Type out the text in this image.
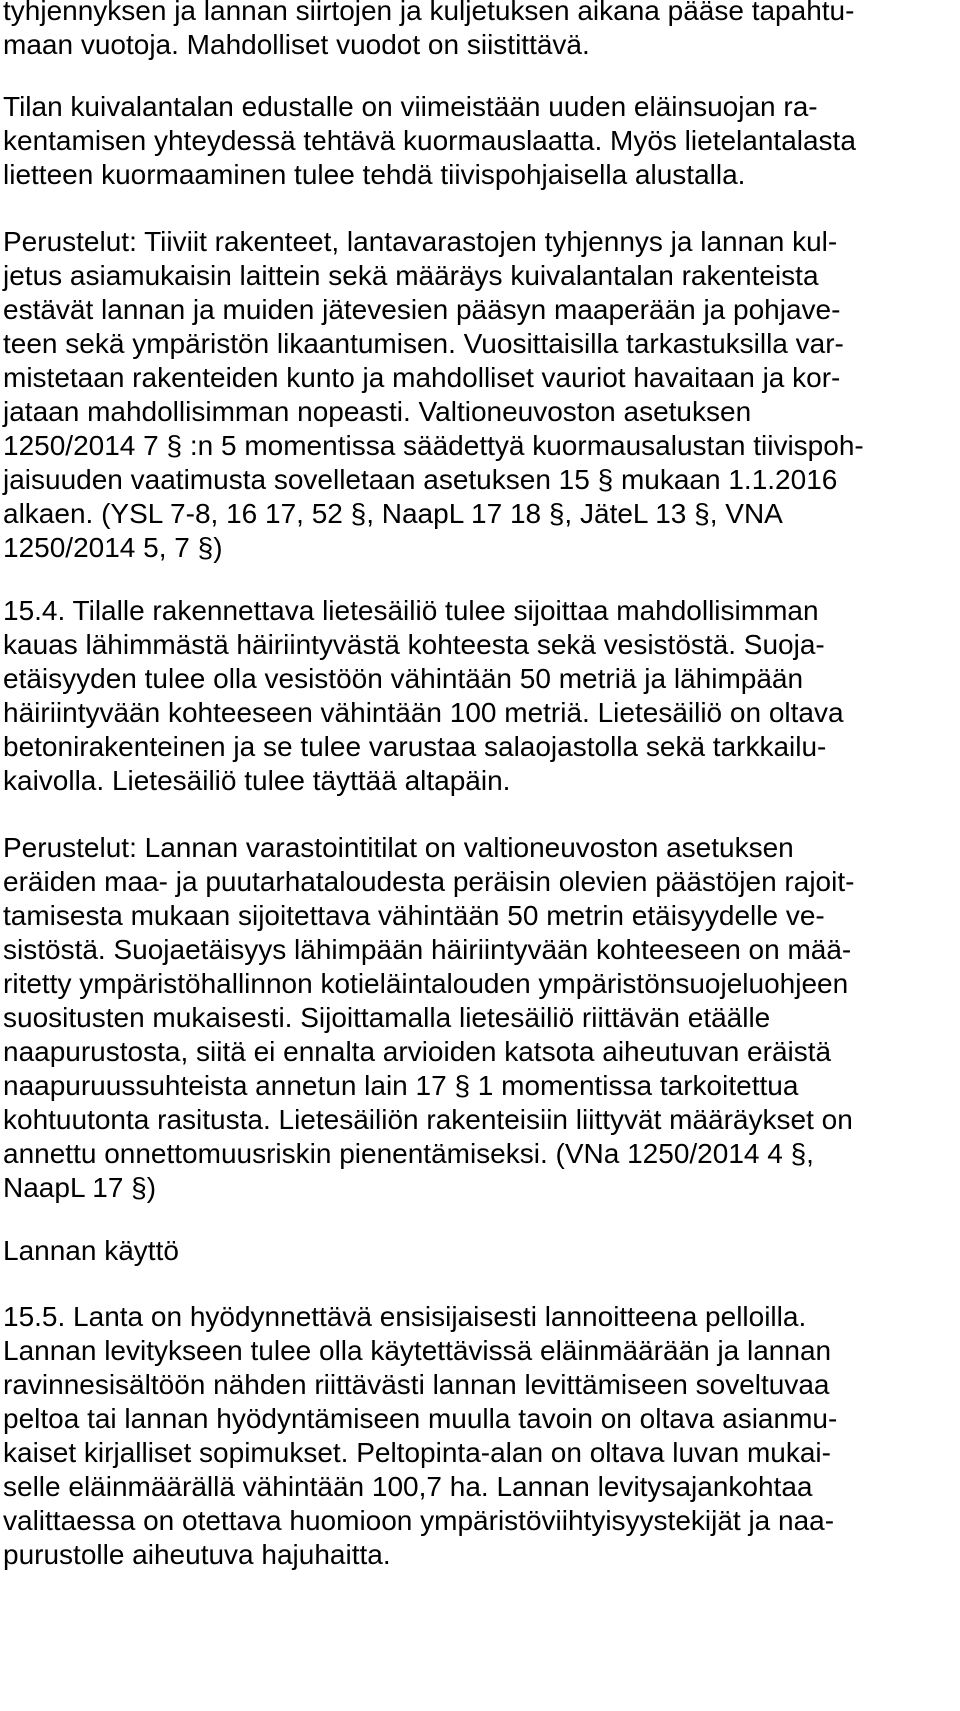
tyhjennyksen ja lannan siirtojen ja kuljetuksen aikana pääse tapahtu-

maan vuotoja. Mahdolliset vuodot on siistittävä.

Tilan kuivalantalan edustalle on viimeistään uuden eläinsuojan ra-

kentamisen yhteydessä tehtävä kuormauslaatta. Myös lietelantalasta

lietteen kuormaaminen tulee tehdä tiivispohjaisella alustalla.

Perustelut: Tiiviit rakenteet, lantavarastojen tyhjennys ja lannan kul-

jetus asiamukaisin laittein sekä määräys kuivalantalan rakenteista

estävät lannan ja muiden jätevesien pääsyn maaperään ja pohjave-

teen sekä ympäristön likaantumisen. Vuosittaisilla tarkastuksilla var-

mistetaan rakenteiden kunto ja mahdolliset vauriot havaitaan ja kor-

jataan mahdollisimman nopeasti. Valtioneuvoston asetuksen

1250/2014 7 § :n 5 momentissa säädettyä kuormausalustan tiivispoh-

jaisuuden vaatimusta sovelletaan asetuksen 15 § mukaan 1.1.2016

alkaen. (YSL 7-8, 16 17, 52 §, NaapL 17 18 §, JäteL 13 §, VNA

1250/2014 5, 7 §)

15.4. Tilalle rakennettava lietesäiliö tulee sijoittaa mahdollisimman

kauas lähimmästä häiriintyvästä kohteesta sekä vesistöstä. Suoja-

etäisyyden tulee olla vesistöön vähintään 50 metriä ja lähimpään

häiriintyvään kohteeseen vähintään 100 metriä. Lietesäiliö on oltava

betonirakenteinen ja se tulee varustaa salaojastolla sekä tarkkailu-

kaivolla. Lietesäiliö tulee täyttää altapäin.

Perustelut: Lannan varastointitilat on valtioneuvoston asetuksen

eräiden maa- ja puutarhataloudesta peräisin olevien päästöjen rajoit-

tamisesta mukaan sijoitettava vähintään 50 metrin etäisyydelle ve-

sistöstä. Suojaetäisyys lähimpään häiriintyvään kohteeseen on mää-

ritetty ympäristöhallinnon kotieläintalouden ympäristönsuojeluohjeen

suositusten mukaisesti. Sijoittamalla lietesäiliö riittävän etäälle

naapurustosta, siitä ei ennalta arvioiden katsota aiheutuvan eräistä

naapuruussuhteista annetun lain 17 § 1 momentissa tarkoitettua

kohtuutonta rasitusta. Lietesäiliön rakenteisiin liittyvät määräykset on

annettu onnettomuusriskin pienentämiseksi. (VNa 1250/2014 4 §,

NaapL 17 §)

Lannan käyttö

15.5. Lanta on hyödynnettävä ensisijaisesti lannoitteena pelloilla.

Lannan levitykseen tulee olla käytettävissä eläinmäärään ja lannan

ravinnesisältöön nähden riittävästi lannan levittämiseen soveltuvaa

peltoa tai lannan hyödyntämiseen muulla tavoin on oltava asianmu-

kaiset kirjalliset sopimukset. Peltopinta-alan on oltava luvan mukai-

selle eläinmäärällä vähintään 100,7 ha. Lannan levitysajankohtaa

valittaessa on otettava huomioon ympäristöviihtyisyystekijät ja naa-

purustolle aiheutuva hajuhaitta.
